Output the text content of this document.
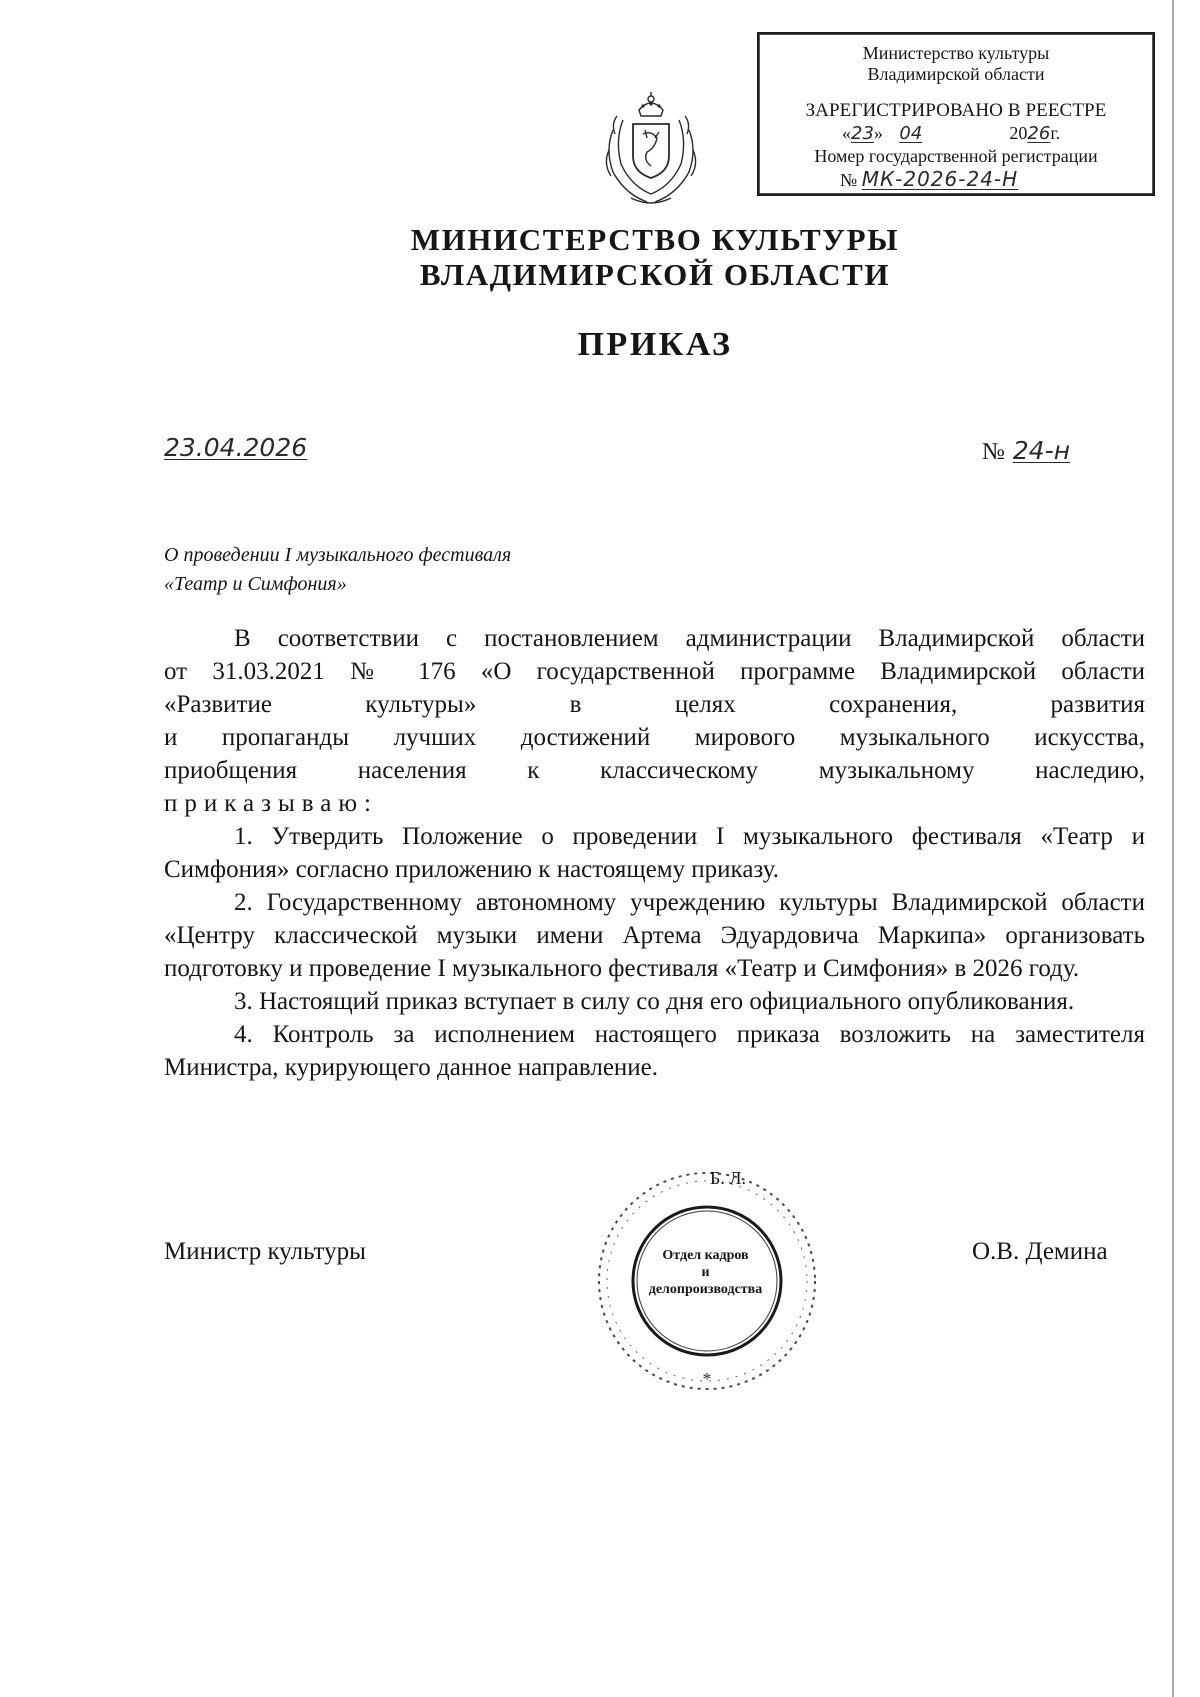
Министерство культуры
Владимирской области
ЗАРЕГИСТРИРОВАНО В РЕЕСТРЕ
«23» 04	2026г.
Номер государственной регистрации
№ МК-2026-24-Н
МИНИСТЕРСТВО КУЛЬТУРЫ
ВЛАДИМИРСКОЙ ОБЛАСТИ
ПРИКАЗ
23.04.2026	№ 24-н
О проведении I музыкального фестиваля
«Театр и Симфония»

В соответствии с постановлением администрации Владимирской области

от 31.03.2021 № 176 «О государственной программе Владимирской области

«Развитие культуры» в целях сохранения, развития

и пропаганды лучших достижений мирового музыкального искусства,

приобщения населения к классическому музыкальному наследию,

приказываю:

1. Утвердить Положение о проведении I музыкального фестиваля «Театр и Симфония» согласно приложению к настоящему приказу.

2. Государственному автономному учреждению культуры Владимирской области «Центру классической музыки имени Артема Эдуардовича Маркипа» организовать подготовку и проведение I музыкального фестиваля «Театр и Симфония» в 2026 году.

3. Настоящий приказ вступает в силу со дня его официального опубликования.

4. Контроль за исполнением настоящего приказа возложить на заместителя Министра, курирующего данное направление.

*
Б. Л.
Отдел кадров
и
делопроизводства
Министр культуры	О.В. Демина
